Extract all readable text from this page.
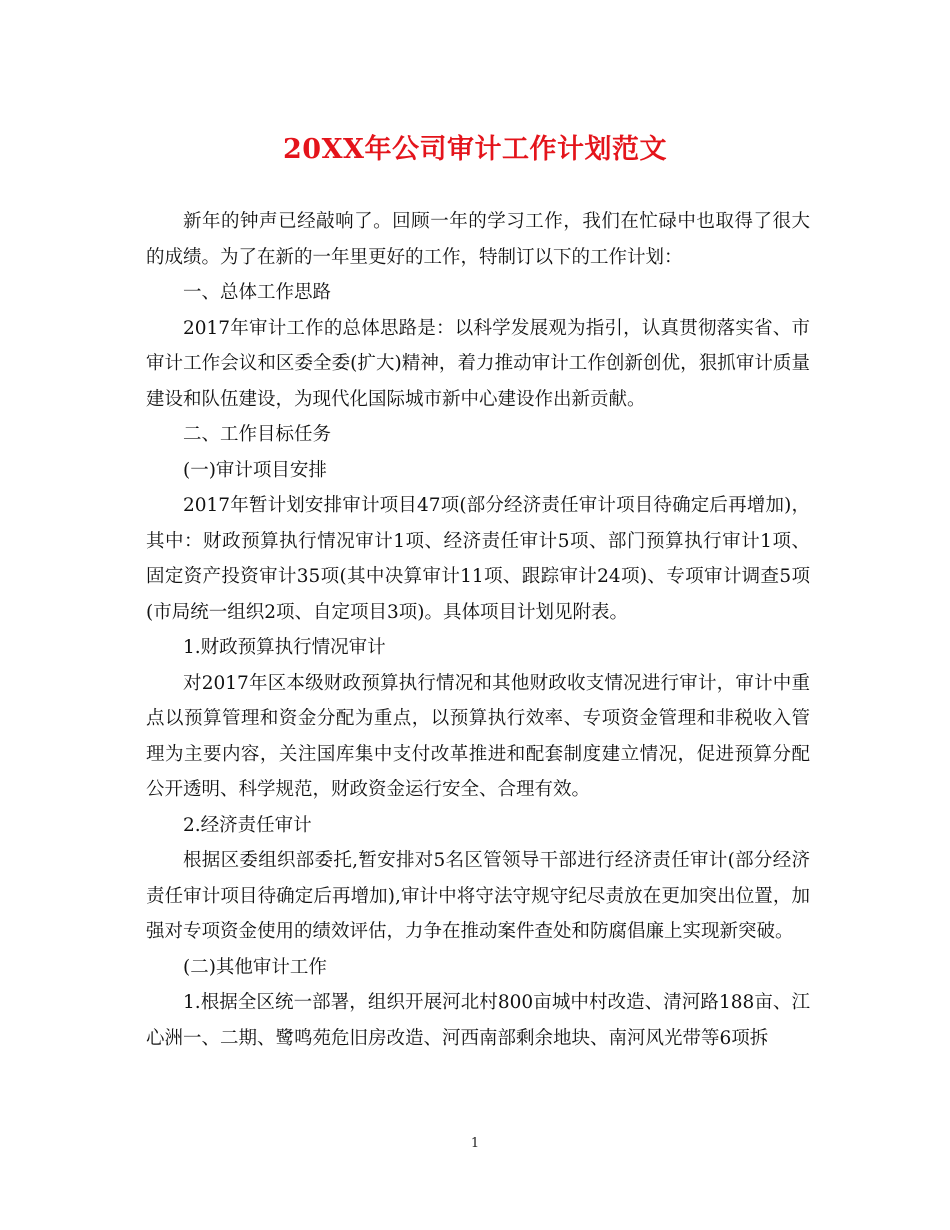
20XX年公司审计工作计划范文

新年的钟声已经敲响了。回顾一年的学习工作，我们在忙碌中也取得了很大的成绩。为了在新的一年里更好的工作，特制订以下的工作计划：

一、总体工作思路

2017年审计工作的总体思路是：以科学发展观为指引，认真贯彻落实省、市审计工作会议和区委全委(扩大)精神，着力推动审计工作创新创优，狠抓审计质量建设和队伍建设，为现代化国际城市新中心建设作出新贡献。

二、工作目标任务

(一)审计项目安排

2017年暂计划安排审计项目47项(部分经济责任审计项目待确定后再增加)，其中：财政预算执行情况审计1项、经济责任审计5项、部门预算执行审计1项、固定资产投资审计35项(其中决算审计11项、跟踪审计24项)、专项审计调查5项(市局统一组织2项、自定项目3项)。具体项目计划见附表。

1.财政预算执行情况审计

对2017年区本级财政预算执行情况和其他财政收支情况进行审计，审计中重点以预算管理和资金分配为重点，以预算执行效率、专项资金管理和非税收入管理为主要内容，关注国库集中支付改革推进和配套制度建立情况，促进预算分配公开透明、科学规范，财政资金运行安全、合理有效。

2.经济责任审计

根据区委组织部委托,暂安排对5名区管领导干部进行经济责任审计(部分经济责任审计项目待确定后再增加),审计中将守法守规守纪尽责放在更加突出位置，加强对专项资金使用的绩效评估，力争在推动案件查处和防腐倡廉上实现新突破。

(二)其他审计工作

1.根据全区统一部署，组织开展河北村800亩城中村改造、清河路188亩、江心洲一、二期、鹭鸣苑危旧房改造、河西南部剩余地块、南河风光带等6项拆

1
